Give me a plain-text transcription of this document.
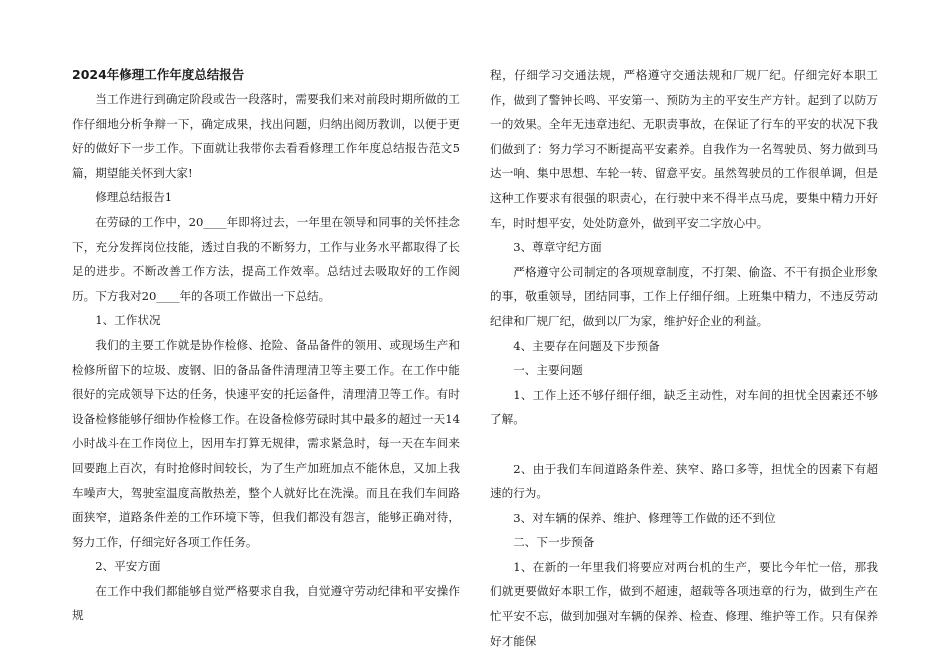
2024年修理工作年度总结报告

当工作进行到确定阶段或告一段落时，需要我们来对前段时期所做的工作仔细地分析争辩一下，确定成果，找出问题，归纳出阅历教训，以便于更好的做好下一步工作。下面就让我带你去看看修理工作年度总结报告范文5篇，期望能关怀到大家!

修理总结报告1

在劳碌的工作中，20____年即将过去，一年里在领导和同事的关怀挂念下，充分发挥岗位技能，透过自我的不断努力，工作与业务水平都取得了长足的进步。不断改善工作方法，提高工作效率。总结过去吸取好的工作阅历。下方我对20____年的各项工作做出一下总结。

1、工作状况

我们的主要工作就是协作检修、抢险、备品备件的领用、或现场生产和检修所留下的垃圾、废钢、旧的备品备件清理清卫等主要工作。在工作中能很好的完成领导下达的任务，快速平安的托运备件，清理清卫等工作。有时设备检修能够仔细协作检修工作。在设备检修劳碌时其中最多的超过一天14小时战斗在工作岗位上，因用车打算无规律，需求紧急时，每一天在车间来回要跑上百次，有时抢修时间较长，为了生产加班加点不能休息，又加上我车噪声大，驾驶室温度高散热差，整个人就好比在洗澡。而且在我们车间路面狭窄，道路条件差的工作环境下等，但我们都没有怨言，能够正确对待，努力工作，仔细完好各项工作任务。

2、平安方面

在工作中我们都能够自觉严格要求自我，自觉遵守劳动纪律和平安操作规

程，仔细学习交通法规，严格遵守交通法规和厂规厂纪。仔细完好本职工作，做到了警钟长鸣、平安第一、预防为主的平安生产方针。起到了以防万一的效果。全年无违章违纪、无职责事故，在保证了行车的平安的状况下我们做到了：努力学习不断提高平安素养。自我作为一名驾驶员、努力做到马达一响、集中思想、车轮一转、留意平安。虽然驾驶员的工作很单调，但是这种工作要求有很强的职责心，在行驶中来不得半点马虎，要集中精力开好车，时时想平安，处处防意外，做到平安二字放心中。

3、尊章守纪方面

严格遵守公司制定的各项规章制度，不打架、偷盗、不干有损企业形象的事，敬重领导，团结同事，工作上仔细仔细。上班集中精力，不违反劳动纪律和厂规厂纪，做到以厂为家，维护好企业的利益。

4、主要存在问题及下步预备

一、主要问题

1、工作上还不够仔细仔细，缺乏主动性，对车间的担忧全因素还不够了解。

2、由于我们车间道路条件差、狭窄、路口多等，担忧全的因素下有超速的行为。

3、对车辆的保养、维护、修理等工作做的还不到位

二、下一步预备

1、在新的一年里我们将要应对两台机的生产，要比今年忙一倍，那我们就更要做好本职工作，做到不超速，超载等各项违章的行为，做到生产在忙平安不忘，做到加强对车辆的保养、检查、修理、维护等工作。只有保养好才能保
